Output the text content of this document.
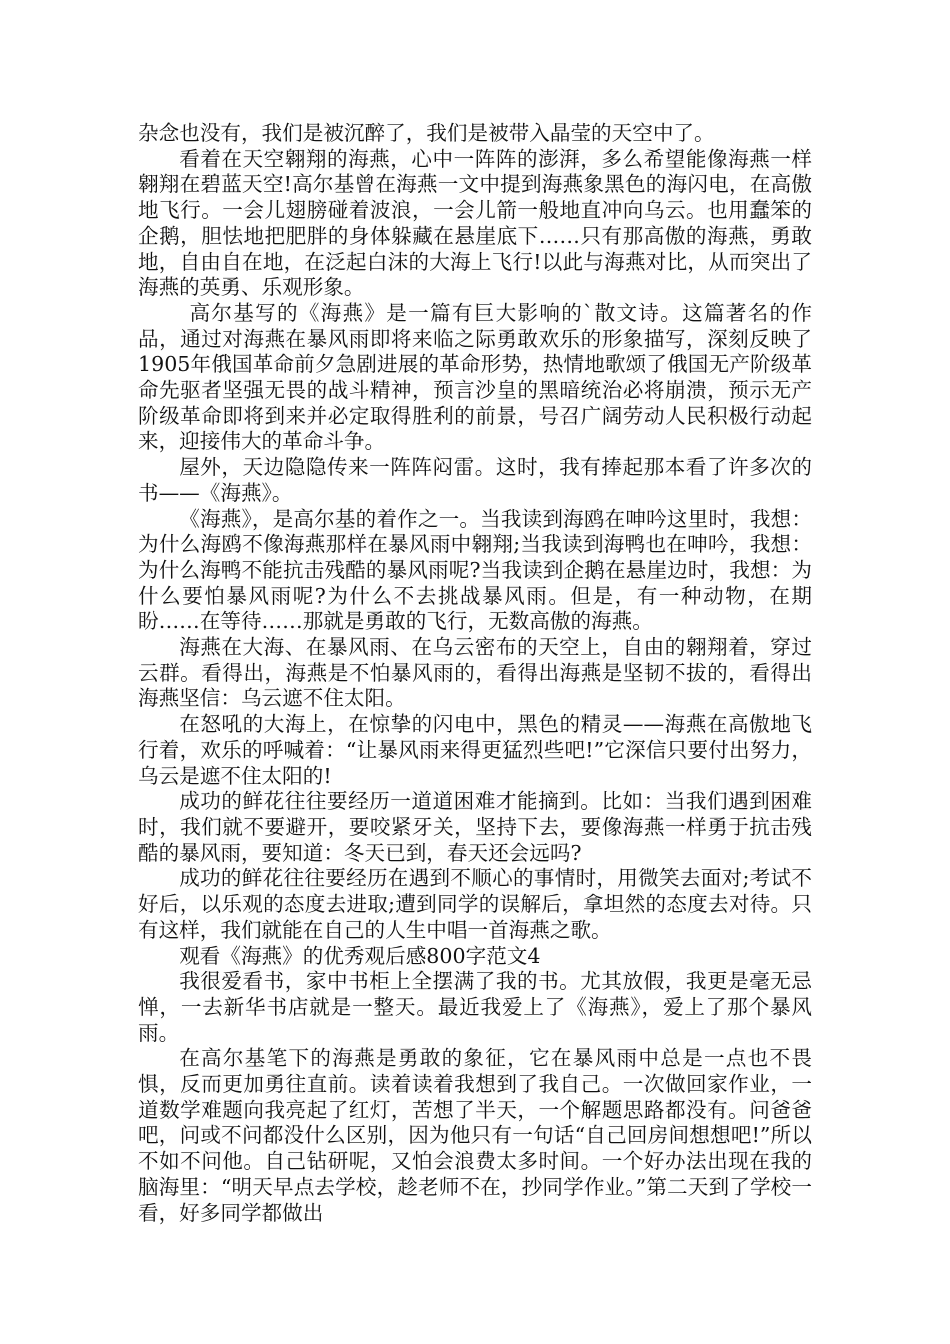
杂念也没有，我们是被沉醉了，我们是被带入晶莹的天空中了。

看着在天空翱翔的海燕，心中一阵阵的澎湃，多么希望能像海燕一样翱翔在碧蓝天空!高尔基曾在海燕一文中提到海燕象黑色的海闪电，在高傲地飞行。一会儿翅膀碰着波浪，一会儿箭一般地直冲向乌云。也用蠢笨的企鹅，胆怯地把肥胖的身体躲藏在悬崖底下……只有那高傲的海燕，勇敢地，自由自在地，在泛起白沫的大海上飞行!以此与海燕对比，从而突出了海燕的英勇、乐观形象。

高尔基写的《海燕》是一篇有巨大影响的`散文诗。这篇著名的作品，通过对海燕在暴风雨即将来临之际勇敢欢乐的形象描写，深刻反映了1905年俄国革命前夕急剧进展的革命形势，热情地歌颂了俄国无产阶级革命先驱者坚强无畏的战斗精神，预言沙皇的黑暗统治必将崩溃，预示无产阶级革命即将到来并必定取得胜利的前景，号召广阔劳动人民积极行动起来，迎接伟大的革命斗争。

屋外，天边隐隐传来一阵阵闷雷。这时，我有捧起那本看了许多次的书——《海燕》。

《海燕》，是高尔基的着作之一。当我读到海鸥在呻吟这里时，我想：为什么海鸥不像海燕那样在暴风雨中翱翔;当我读到海鸭也在呻吟，我想：为什么海鸭不能抗击残酷的暴风雨呢?当我读到企鹅在悬崖边时，我想：为什么要怕暴风雨呢?为什么不去挑战暴风雨。但是，有一种动物，在期盼……在等待……那就是勇敢的飞行，无数高傲的海燕。

海燕在大海、在暴风雨、在乌云密布的天空上，自由的翱翔着，穿过云群。看得出，海燕是不怕暴风雨的，看得出海燕是坚韧不拔的，看得出海燕坚信：乌云遮不住太阳。

在怒吼的大海上，在惊挚的闪电中，黑色的精灵——海燕在高傲地飞行着，欢乐的呼喊着：“让暴风雨来得更猛烈些吧!”它深信只要付出努力，乌云是遮不住太阳的!

成功的鲜花往往要经历一道道困难才能摘到。比如：当我们遇到困难时，我们就不要避开，要咬紧牙关，坚持下去，要像海燕一样勇于抗击残酷的暴风雨，要知道：冬天已到，春天还会远吗?

成功的鲜花往往要经历在遇到不顺心的事情时，用微笑去面对;考试不好后，以乐观的态度去进取;遭到同学的误解后，拿坦然的态度去对待。只有这样，我们就能在自己的人生中唱一首海燕之歌。

观看《海燕》的优秀观后感800字范文4

我很爱看书，家中书柜上全摆满了我的书。尤其放假，我更是毫无忌惮，一去新华书店就是一整天。最近我爱上了《海燕》，爱上了那个暴风雨。

在高尔基笔下的海燕是勇敢的象征，它在暴风雨中总是一点也不畏惧，反而更加勇往直前。读着读着我想到了我自己。一次做回家作业，一道数学难题向我亮起了红灯，苦想了半天，一个解题思路都没有。问爸爸吧，问或不问都没什么区别，因为他只有一句话“自己回房间想想吧!”所以不如不问他。自己钻研呢，又怕会浪费太多时间。一个好办法出现在我的脑海里：“明天早点去学校，趁老师不在，抄同学作业。”第二天到了学校一看，好多同学都做出
